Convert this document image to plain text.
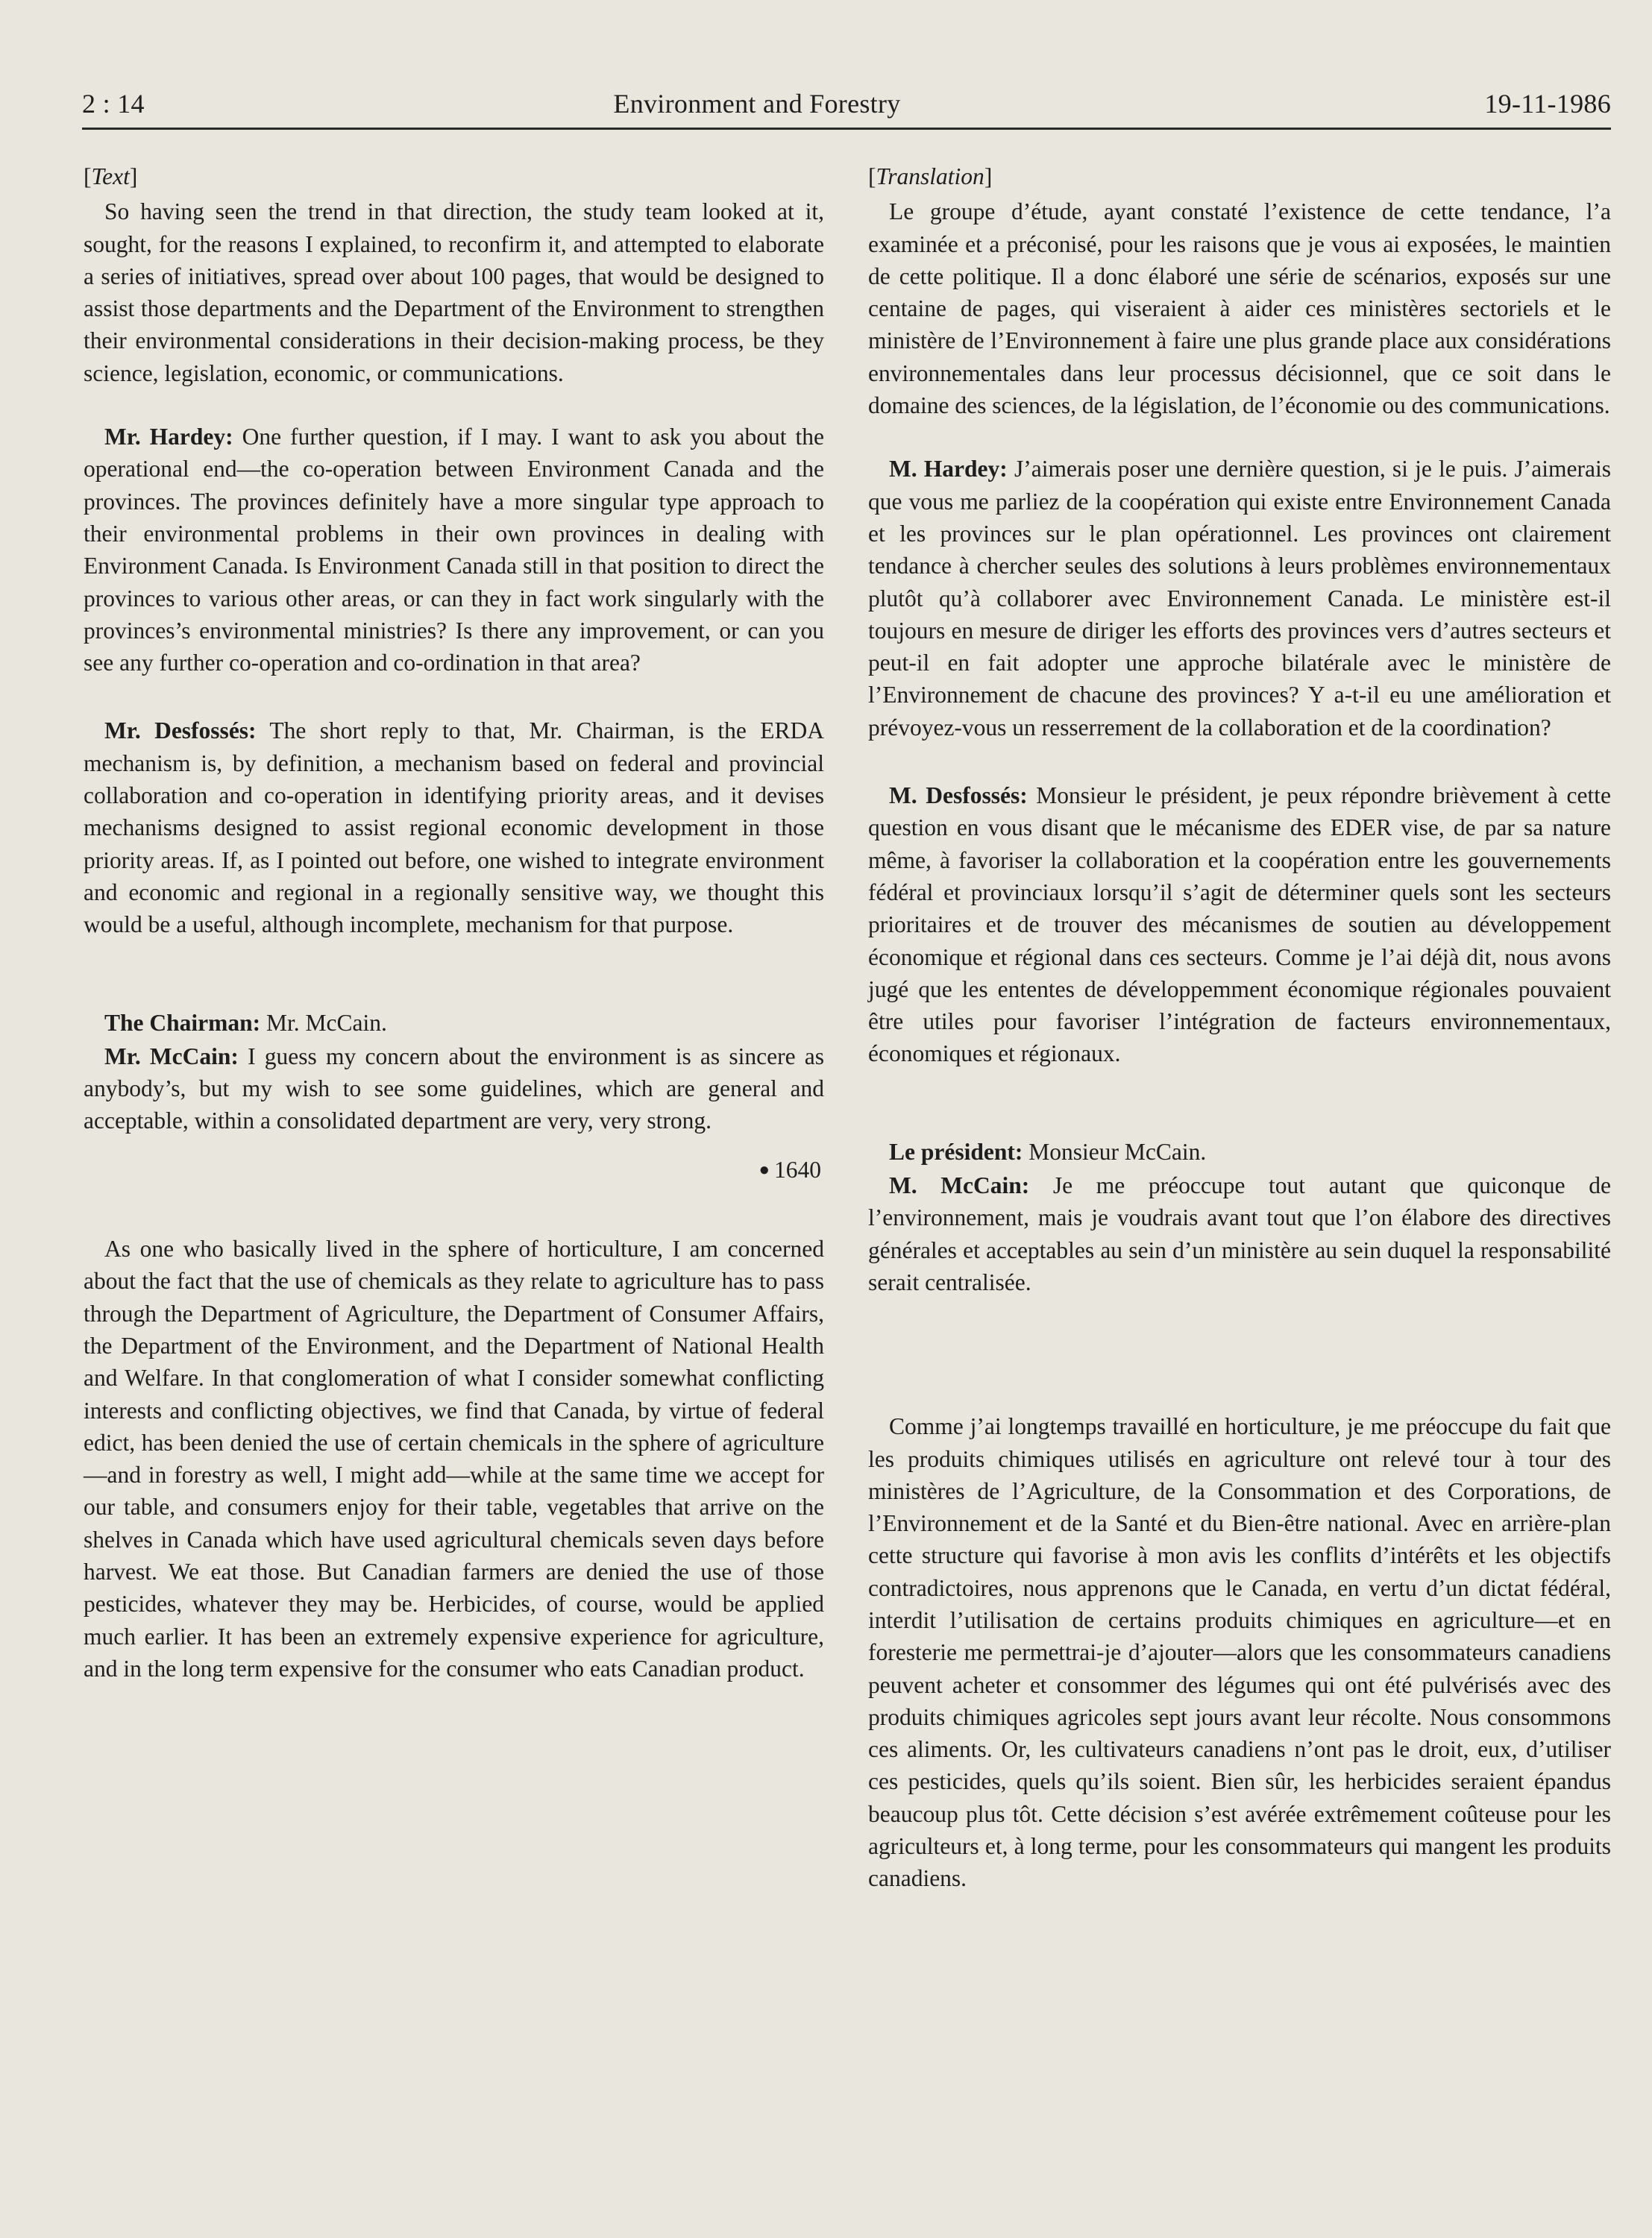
2 : 14	Environment and Forestry	19-11-1986
[Text]

So having seen the trend in that direction, the study team looked at it, sought, for the reasons I explained, to reconfirm it, and attempted to elaborate a series of initiatives, spread over about 100 pages, that would be designed to assist those departments and the Department of the Environment to strengthen their environmental considerations in their decision-making process, be they science, legislation, economic, or communications.

Mr. Hardey: One further question, if I may. I want to ask you about the operational end—the co-operation between Environment Canada and the provinces. The provinces definitely have a more singular type approach to their environmental problems in their own provinces in dealing with Environment Canada. Is Environment Canada still in that position to direct the provinces to various other areas, or can they in fact work singularly with the provinces’s environmental ministries? Is there any improvement, or can you see any further co-operation and co-ordination in that area?

Mr. Desfossés: The short reply to that, Mr. Chairman, is the ERDA mechanism is, by definition, a mechanism based on federal and provincial collaboration and co-operation in identifying priority areas, and it devises mechanisms designed to assist regional economic development in those priority areas. If, as I pointed out before, one wished to integrate environment and economic and regional in a regionally sensitive way, we thought this would be a useful, although incomplete, mechanism for that purpose.

The Chairman: Mr. McCain.

Mr. McCain: I guess my concern about the environment is as sincere as anybody’s, but my wish to see some guidelines, which are general and acceptable, within a consolidated department are very, very strong.

● 1640

As one who basically lived in the sphere of horticulture, I am concerned about the fact that the use of chemicals as they relate to agriculture has to pass through the Department of Agriculture, the Department of Consumer Affairs, the Department of the Environment, and the Department of National Health and Welfare. In that conglomeration of what I consider somewhat conflicting interests and conflicting objectives, we find that Canada, by virtue of federal edict, has been denied the use of certain chemicals in the sphere of agriculture—and in forestry as well, I might add—while at the same time we accept for our table, and consumers enjoy for their table, vegetables that arrive on the shelves in Canada which have used agricultural chemicals seven days before harvest. We eat those. But Canadian farmers are denied the use of those pesticides, whatever they may be. Herbicides, of course, would be applied much earlier. It has been an extremely expensive experience for agriculture, and in the long term expensive for the consumer who eats Canadian product.

[Translation]

Le groupe d’étude, ayant constaté l’existence de cette tendance, l’a examinée et a préconisé, pour les raisons que je vous ai exposées, le maintien de cette politique. Il a donc élaboré une série de scénarios, exposés sur une centaine de pages, qui viseraient à aider ces ministères sectoriels et le ministère de l’Environnement à faire une plus grande place aux considérations environnementales dans leur processus décisionnel, que ce soit dans le domaine des sciences, de la législation, de l’économie ou des communications.

M. Hardey: J’aimerais poser une dernière question, si je le puis. J’aimerais que vous me parliez de la coopération qui existe entre Environnement Canada et les provinces sur le plan opérationnel. Les provinces ont clairement tendance à chercher seules des solutions à leurs problèmes environnementaux plutôt qu’à collaborer avec Environnement Canada. Le ministère est-il toujours en mesure de diriger les efforts des provinces vers d’autres secteurs et peut-il en fait adopter une approche bilatérale avec le ministère de l’Environnement de chacune des provinces? Y a-t-il eu une amélioration et prévoyez-vous un resserrement de la collaboration et de la coordination?

M. Desfossés: Monsieur le président, je peux répondre brièvement à cette question en vous disant que le mécanisme des EDER vise, de par sa nature même, à favoriser la collaboration et la coopération entre les gouvernements fédéral et provinciaux lorsqu’il s’agit de déterminer quels sont les secteurs prioritaires et de trouver des mécanismes de soutien au développement économique et régional dans ces secteurs. Comme je l’ai déjà dit, nous avons jugé que les ententes de développemment économique régionales pouvaient être utiles pour favoriser l’intégration de facteurs environnementaux, économiques et régionaux.

Le président: Monsieur McCain.

M. McCain: Je me préoccupe tout autant que quiconque de l’environnement, mais je voudrais avant tout que l’on élabore des directives générales et acceptables au sein d’un ministère au sein duquel la responsabilité serait centralisée.

Comme j’ai longtemps travaillé en horticulture, je me préoccupe du fait que les produits chimiques utilisés en agriculture ont relevé tour à tour des ministères de l’Agriculture, de la Consommation et des Corporations, de l’Environnement et de la Santé et du Bien-être national. Avec en arrière-plan cette structure qui favorise à mon avis les conflits d’intérêts et les objectifs contradictoires, nous apprenons que le Canada, en vertu d’un dictat fédéral, interdit l’utilisation de certains produits chimiques en agriculture—et en foresterie me permettrai-je d’ajouter—alors que les consommateurs canadiens peuvent acheter et consommer des légumes qui ont été pulvérisés avec des produits chimiques agricoles sept jours avant leur récolte. Nous consommons ces aliments. Or, les cultivateurs canadiens n’ont pas le droit, eux, d’utiliser ces pesticides, quels qu’ils soient. Bien sûr, les herbicides seraient épandus beaucoup plus tôt. Cette décision s’est avérée extrêmement coûteuse pour les agriculteurs et, à long terme, pour les consommateurs qui mangent les produits canadiens.
